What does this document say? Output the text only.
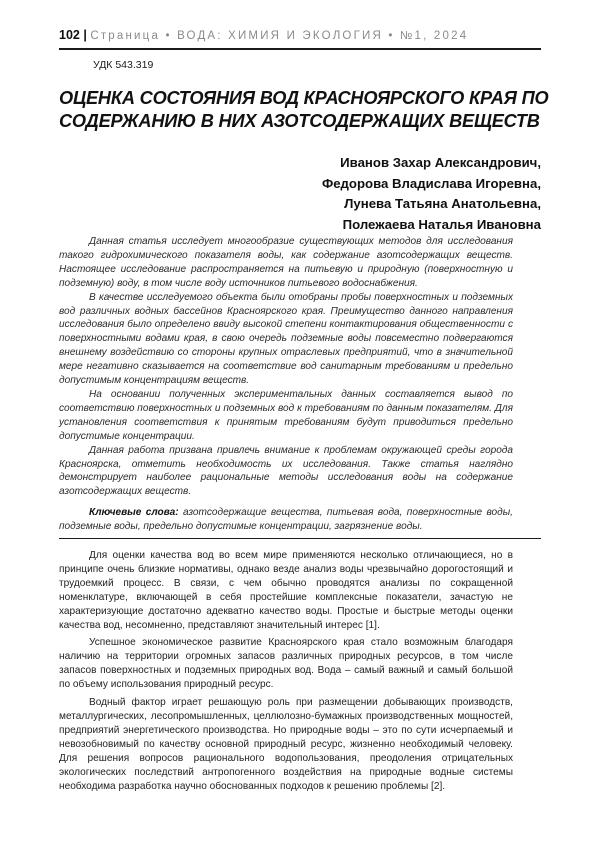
102 | Страница • ВОДА: ХИМИЯ И ЭКОЛОГИЯ • №1, 2024
УДК 543.319
ОЦЕНКА СОСТОЯНИЯ ВОД КРАСНОЯРСКОГО КРАЯ ПО
СОДЕРЖАНИЮ В НИХ АЗОТСОДЕРЖАЩИХ ВЕЩЕСТВ
Иванов Захар Александрович,
Федорова Владислава Игоревна,
Лунева Татьяна Анатольевна,
Полежаева Наталья Ивановна

Данная статья исследует многообразие существующих методов для исследования такого гидрохимического показателя воды, как содержание азотсодержащих веществ. Настоящее исследование распространяется на питьевую и природную (поверхностную и подземную) воду, в том числе воду источников питьевого водоснабжения.

В качестве исследуемого объекта были отобраны пробы поверхностных и подземных вод различных водных бассейнов Красноярского края. Преимущество данного направления исследования было определено ввиду высокой степени контактирования общественности с поверхностными водами края, в свою очередь подземные воды повсеместно подвергаются внешнему воздействию со стороны крупных отраслевых предприятий, что в значительной мере негативно сказывается на соответствие вод санитарным требованиям и предельно допустимым концентрациям веществ.

На основании полученных экспериментальных данных составляется вывод по соответствию поверхностных и подземных вод к требованиям по данным показателям. Для установления соответствия к принятым требованиям будут приводиться предельно допустимые концентрации.

Данная работа призвана привлечь внимание к проблемам окружающей среды города Красноярска, отметить необходимость их исследования. Также статья наглядно демонстрирует наиболее рациональные методы исследования воды на содержание азотсодержащих веществ.

Ключевые слова: азотсодержащие вещества, питьевая вода, поверхностные воды, подземные воды, предельно допустимые концентрации, загрязнение воды.

Для оценки качества вод во всем мире применяются несколько отличающиеся, но в принципе очень близкие нормативы, однако везде анализ воды чрезвычайно дорогостоящий и трудоемкий процесс. В связи, с чем обычно проводятся анализы по сокращенной номенклатуре, включающей в себя простейшие комплексные показатели, зачастую не характеризующие достаточно адекватно качество воды. Простые и быстрые методы оценки качества вод, несомненно, представляют значительный интерес [1].

Успешное экономическое развитие Красноярского края стало возможным благодаря наличию на территории огромных запасов различных природных ресурсов, в том числе запасов поверхностных и подземных природных вод. Вода – самый важный и самый большой по объему использования природный ресурс.

Водный фактор играет решающую роль при размещении добывающих производств, металлургических, лесопромышленных, целлюлозно-бумажных производственных мощностей, предприятий энергетического производства. Но природные воды – это по сути исчерпаемый и невозобновимый по качеству основной природный ресурс, жизненно необходимый человеку. Для решения вопросов рационального водопользования, преодоления отрицательных экологических последствий антропогенного воздействия на природные водные системы необходима разработка научно обоснованных подходов к решению проблемы [2].
